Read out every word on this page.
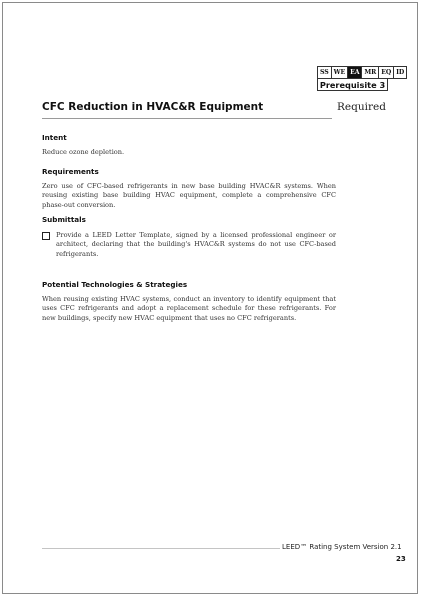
SS WE EA MR EQ ID
Prerequisite 3
CFC Reduction in HVAC&R Equipment	Required
Intent
Reduce ozone depletion.
Requirements
Zero use of CFC-based refrigerants in new base building HVAC&R systems. When reusing existing base building HVAC equipment, complete a comprehensive CFC phase-out conversion.
Submittals
Provide a LEED Letter Template, signed by a licensed professional engineer or architect, declaring that the building's HVAC&R systems do not use CFC-based refrigerants.
Potential Technologies & Strategies
When reusing existing HVAC systems, conduct an inventory to identify equipment that uses CFC refrigerants and adopt a replacement schedule for these refrigerants. For new buildings, specify new HVAC equipment that uses no CFC refrigerants.
LEED™ Rating System Version 2.1
23
